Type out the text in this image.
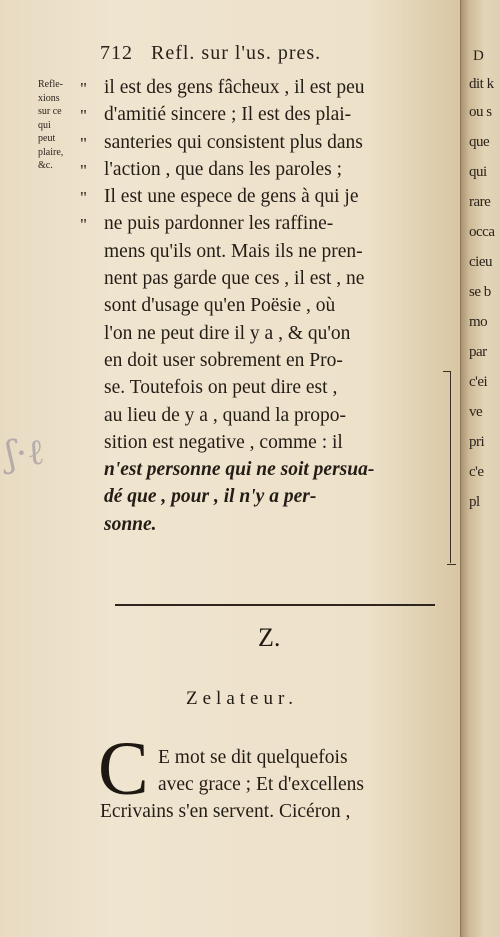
712 Refl. sur l'us. pres.
Refle-
xions
sur ce
qui
peut
plaire,
&c.
" il est des gens fâcheux , il est peu
" d'amitié sincere ; Il est des plai-
" santeries qui consistent plus dans
" l'action , que dans les paroles ;
" Il est une espece de gens à qui je
" ne puis pardonner les raffine-
mens qu'ils ont. Mais ils ne pren-
nent pas garde que ces , il est , ne
sont d'usage qu'en Poësie , où
l'on ne peut dire il y a , & qu'on
en doit user sobrement en Pro-
se. Toutefois on peut dire est ,
au lieu de y a , quand la propo-
sition est negative , comme : il
n'est personne qui ne soit persua-
dé que , pour , il n'y a per-
sonne.
ʃ·ℓ
Z.
Zelateur.
C E mot se dit quelquefois
avec grace ; Et d'excellens
Ecrivains s'en servent. Cicéron ,
D
dit k
ou s
que
qui
rare
occa
cieu
se b
mo
par
c'ei
ve
pri
c'e
pl
